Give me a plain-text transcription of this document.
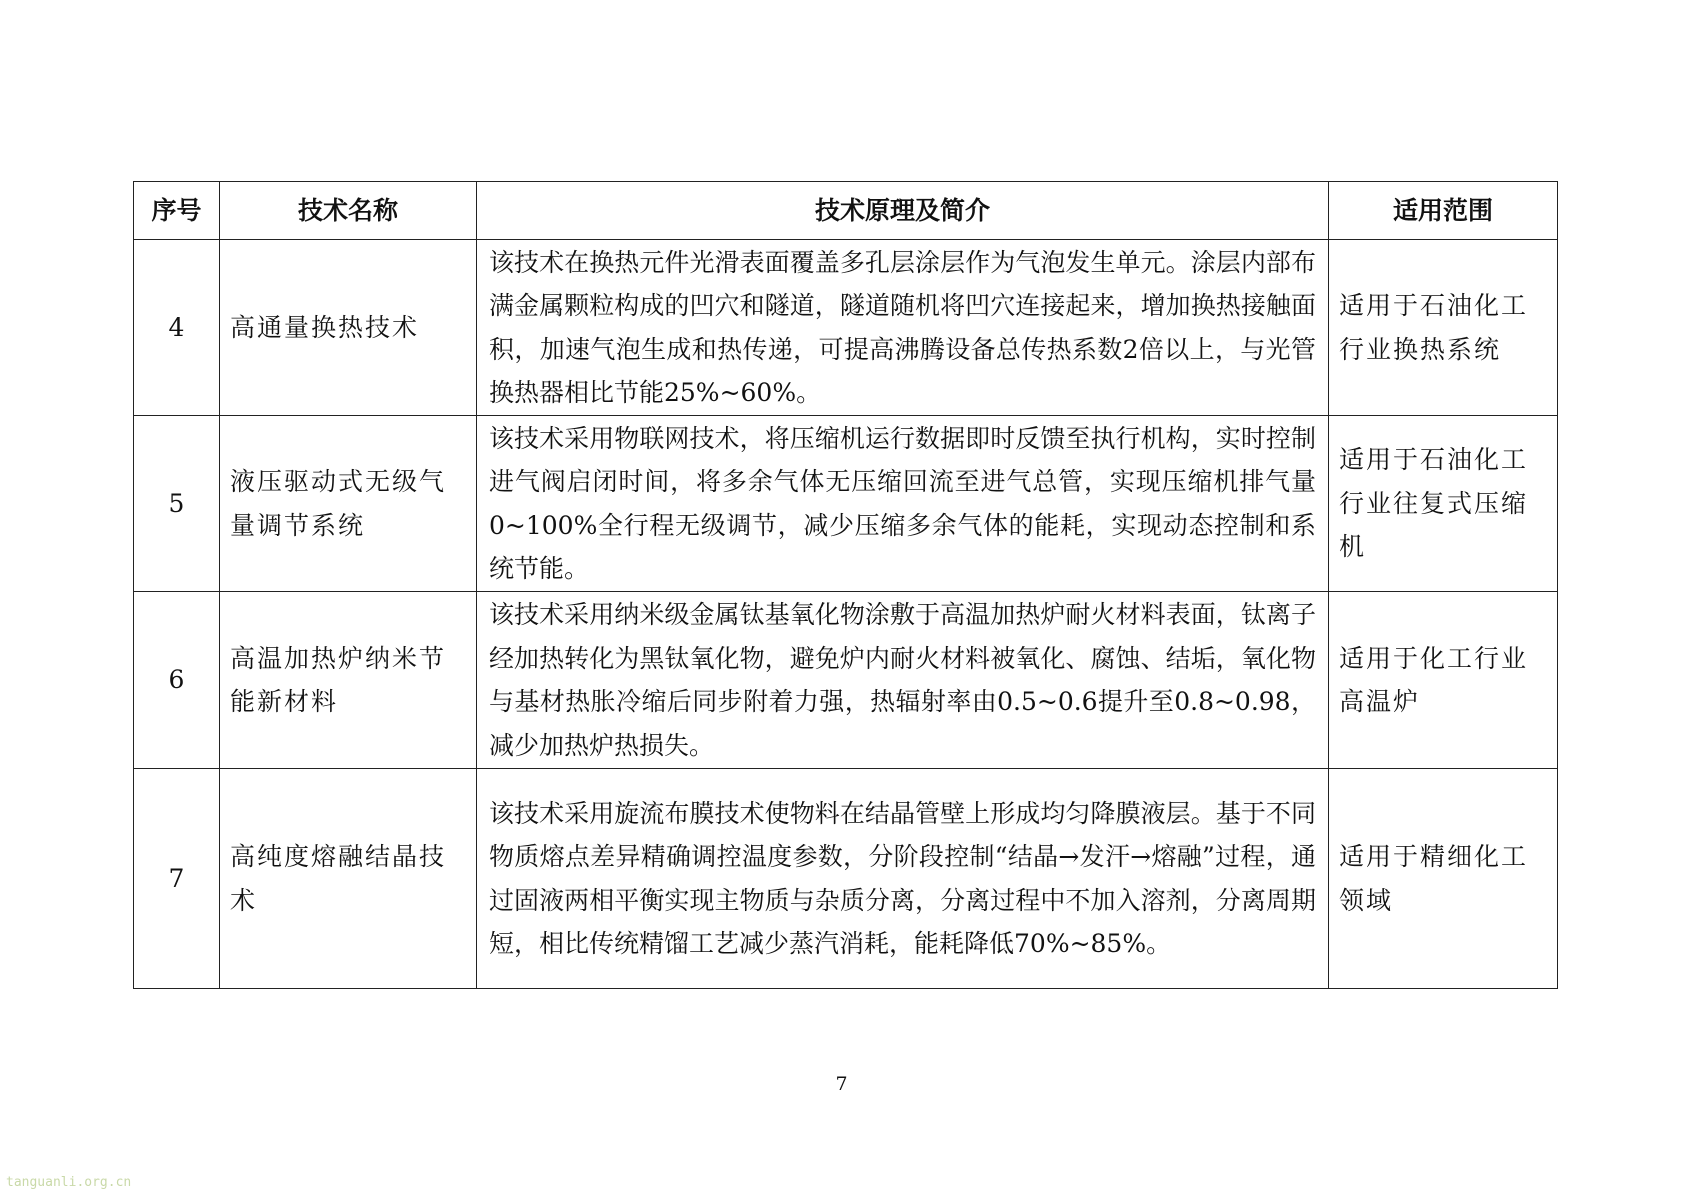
序号	技术名称	技术原理及简介	适用范围
4	高通量换热技术	该技术在换热元件光滑表面覆盖多孔层涂层作为气泡发生单元。涂层内部布满金属颗粒构成的凹穴和隧道，隧道随机将凹穴连接起来，增加换热接触面积，加速气泡生成和热传递，可提高沸腾设备总传热系数2倍以上，与光管换热器相比节能25%~60%。	适用于石油化工行业换热系统
5	液压驱动式无级气量调节系统	该技术采用物联网技术，将压缩机运行数据即时反馈至执行机构，实时控制进气阀启闭时间，将多余气体无压缩回流至进气总管，实现压缩机排气量0~100%全行程无级调节，减少压缩多余气体的能耗，实现动态控制和系统节能。	适用于石油化工行业往复式压缩机
6	高温加热炉纳米节能新材料	该技术采用纳米级金属钛基氧化物涂敷于高温加热炉耐火材料表面，钛离子经加热转化为黑钛氧化物，避免炉内耐火材料被氧化、腐蚀、结垢，氧化物与基材热胀冷缩后同步附着力强，热辐射率由0.5~0.6提升至0.8~0.98，减少加热炉热损失。	适用于化工行业高温炉
7	高纯度熔融结晶技术	该技术采用旋流布膜技术使物料在结晶管壁上形成均匀降膜液层。基于不同物质熔点差异精确调控温度参数，分阶段控制“结晶→发汗→熔融”过程，通过固液两相平衡实现主物质与杂质分离，分离过程中不加入溶剂，分离周期短，相比传统精馏工艺减少蒸汽消耗，能耗降低70%~85%。	适用于精细化工领域
7
tanguanli.org.cn
